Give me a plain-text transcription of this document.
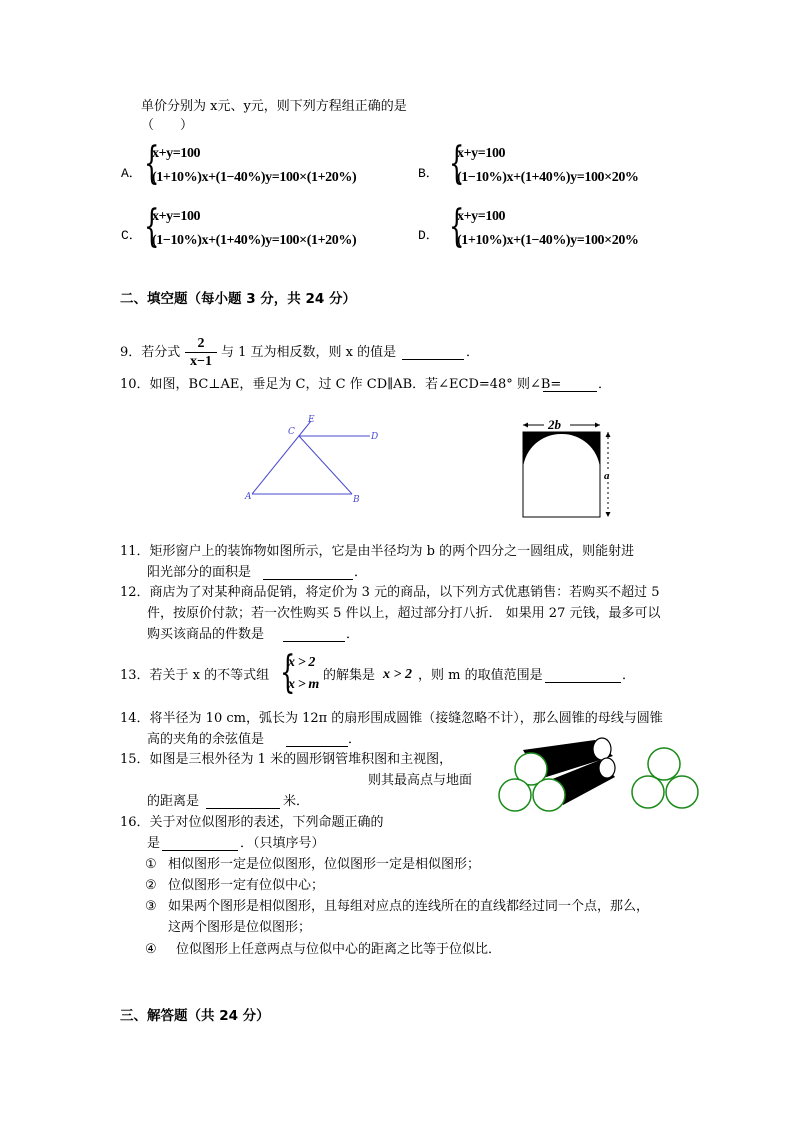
单价分别为 x元、y元，则下列方程组正确的是
（　　）
A． {
x+y=100
(1+10%)x+(1−40%)y=100×(1+20%)	B． {
x+y=100
(1−10%)x+(1+40%)y=100×20%
C． {
x+y=100
(1−10%)x+(1+40%)y=100×(1+20%)	D． {
x+y=100
(1+10%)x+(1−40%)y=100×20%
二、填空题（每小题 3 分，共 24 分）
9．若分式 $\frac{2}{x-1}$ 与 1 互为相反数，则 x 的值是	．
10．如图，BC⊥AE，垂足为 C，过 C 作 CD∥AB．若∠ECD=48° 则∠B=	．
E
C	D
A	B
2b
a
11．矩形窗户上的装饰物如图所示，它是由半径均为 b 的两个四分之一圆组成，则能射进
阳光部分的面积是	．
12．商店为了对某种商品促销，将定价为 3 元的商品，以下列方式优惠销售：若购买不超过 5
件，按原价付款；若一次性购买 5 件以上，超过部分打八折． 如果用 27 元钱，最多可以
购买该商品的件数是	．
13．若关于 x 的不等式组 {
x > 2
x > m
的解集是 x > 2 ，则 m 的取值范围是	．
14．将半径为 10 cm，弧长为 12π 的扇形围成圆锥（接缝忽略不计），那么圆锥的母线与圆锥
高的夹角的余弦值是	．
15．如图是三根外径为 1 米的圆形钢管堆积图和主视图，
则其最高点与地面
的距离是	米．
16．关于对位似图形的表述，下列命题正确的
是	．（只填序号）
① 相似图形一定是位似图形，位似图形一定是相似图形；
② 位似图形一定有位似中心；
③ 如果两个图形是相似图形，且每组对应点的连线所在的直线都经过同一个点，那么，
这两个图形是位似图形；
④ 位似图形上任意两点与位似中心的距离之比等于位似比．
三、解答题（共 24 分）
